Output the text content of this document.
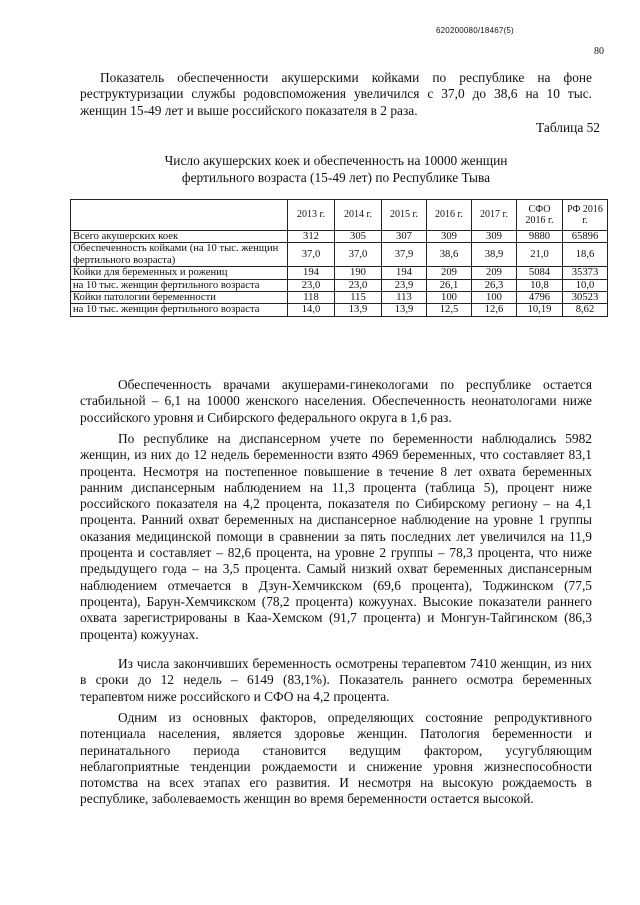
620200080/18467(5)
80

Показатель обеспеченности акушерскими койками по республике на фоне реструктуризации службы родовспоможения увеличился с 37,0 до 38,6 на 10 тыс. женщин 15-49 лет и выше российского показателя в 2 раза.

Таблица 52
Число акушерских коек и обеспеченность на 10000 женщин
фертильного возраста (15-49 лет) по Республике Тыва
	2013 г.	2014 г.	2015 г.	2016 г.	2017 г.	СФО 2016 г.	РФ 2016 г.
Всего акушерских коек	312	305	307	309	309	9880	65896
Обеспеченность койками (на 10 тыс. женщин фертильного возраста)	37,0	37,0	37,9	38,6	38,9	21,0	18,6
Койки для беременных и рожениц	194	190	194	209	209	5084	35373
на 10 тыс. женщин фертильного возраста	23,0	23,0	23,9	26,1	26,3	10,8	10,0
Койки патологии беременности	118	115	113	100	100	4796	30523
на 10 тыс. женщин фертильного возраста	14,0	13,9	13,9	12,5	12,6	10,19	8,62

Обеспеченность врачами акушерами-гинекологами по республике остается стабильной – 6,1 на 10000 женского населения. Обеспеченность неонатологами ниже российского уровня и Сибирского федерального округа в 1,6 раз.

По республике на диспансерном учете по беременности наблюдались 5982 женщин, из них до 12 недель беременности взято 4969 беременных, что составляет 83,1 процента. Несмотря на постепенное повышение в течение 8 лет охвата беременных ранним диспансерным наблюдением на 11,3 процента (таблица 5), процент ниже российского показателя на 4,2 процента, показателя по Сибирскому региону – на 4,1 процента. Ранний охват беременных на диспансерное наблюдение на уровне 1 группы оказания медицинской помощи в сравнении за пять последних лет увеличился на 11,9 процента и составляет – 82,6 процента, на уровне 2 группы – 78,3 процента, что ниже предыдущего года – на 3,5 процента. Самый низкий охват беременных диспансерным наблюдением отмечается в Дзун-Хемчикском (69,6 процента), Тоджинском (77,5 процента), Барун-Хемчикском (78,2 процента) кожуунах. Высокие показатели раннего охвата зарегистрированы в Каа-Хемском (91,7 процента) и Монгун-Тайгинском (86,3 процента) кожуунах.

Из числа закончивших беременность осмотрены терапевтом 7410 женщин, из них в сроки до 12 недель – 6149 (83,1%). Показатель раннего осмотра беременных терапевтом ниже российского и СФО на 4,2 процента.

Одним из основных факторов, определяющих состояние репродуктивного потенциала населения, является здоровье женщин. Патология беременности и перинатального периода становится ведущим фактором, усугубляющим неблагоприятные тенденции рождаемости и снижение уровня жизнеспособности потомства на всех этапах его развития. И несмотря на высокую рождаемость в республике, заболеваемость женщин во время беременности остается высокой.
